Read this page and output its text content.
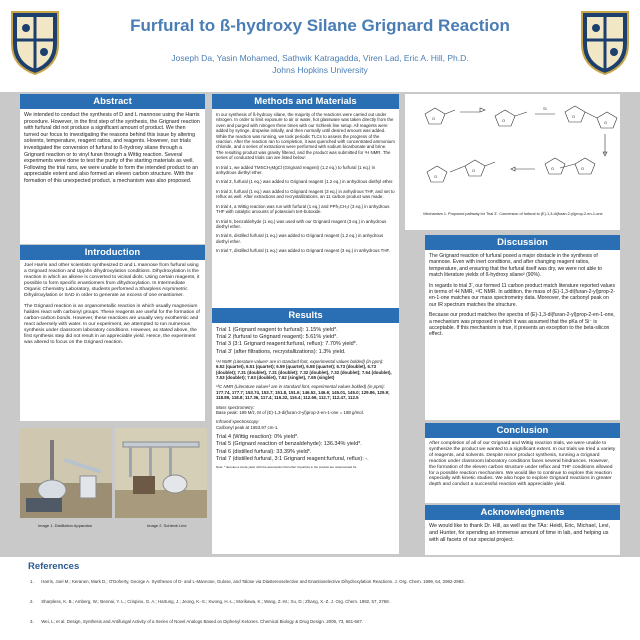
Furfural to ß-hydroxy Silane Grignard Reaction
Joseph Da, Yasin Mohamed, Sathwik Katragadda, Viren Lad, Eric A. Hill, Ph.D.
Johns Hopkins University
Abstract
We intended to conduct the synthesis of D and L mannose using the Harris procedure. However, in the first step of the synthesis, the Grignard reaction with furfural did not produce a significant amount of product. We then turned our focus to investigating the reasons behind this issue by altering solvents, temperature, reagent ratios, and reagents. However, our trials investigated the conversion of furfural to ß-hydroxy silane through a Grignard reaction or to vinyl furan through a Wittig reaction. Several experiments were done to test the purity of the starting materials as well. Following the trial runs, we were unable to form the intended product to an appreciable extent and also formed an eleven carbon structure. With the formation of this unexpected product, a mechanism was also proposed.
Introduction

Joel Harris and other scientists synthesized D and L mannose from furfural using a Grignard reaction and Upjohn dihydroxylation conditions. Dihydroxylation is the reaction in which an alkene is converted to vicinal diols. Using certain reagents, it possible to form specific enantiomers from dihydroxylation. In Intermediate Organic Chemistry Laboratory, students performed a Sharpless Asymmetric Dihydroxylation or SAD in order to generate an excess of one enantiomer.

The Grignard reaction is an organometallic reaction in which usually magnesium halides react with carbonyl groups. These reagents are useful for the formation of carbon-carbon bonds. However, these reactions are usually very exothermic and react adversely with water. In our experiment, we attempted to run numerous synthesis under classroom laboratory conditions. However, as stated above, the first synthesis step did not result in an appreciable yield. Hence, the experiment was altered to focus on the Grignard reaction.

Image 1. Distillation Apparatus	Image 2. Schlenk Line
Methods and Materials

In our synthesis of ß-hydroxy silane, the majority of the reactions were carried out under nitrogen. In order to limit exposure to air or water, hot glassware was taken directly from the oven and purged with nitrogen three times with our Schlenk line setup. All reagents were added by syringe, dropwise initially, and then normally until desired amount was added. While the reaction was running, we took periodic TLCs to assess the progress of the reaction. After the reaction ran to completion, it was quenched with concentrated ammonium chloride, and a series of extractions were performed with sodium bicarbonate and brine. The resulting product was gravity filtered, and the product was submitted for ¹H NMR. The series of conducted trials can are listed below:

In trial 1, we added TMSCH₂MgCl (Grignard reagent) (1.2 eq.) to furfural (1 eq.) in anhydrous diethyl ether.

In trial 2, furfural (1 eq.) was added to Grignard reagent (1.2 eq.) in anhydrous diethyl ether.

In trial 3, furfural (1 eq.) was added to Grignard reagent (3 eq.) in anhydrous THF, and set to reflux as well. After extractions and recrystallizations, an 11 carbon product was made.

In trial 4, a Wittig reaction was run with furfural (1 eq.) and PPh₃CH₃I (3 eq.) in anhydrous THF with catalytic amounts of potassium tert-butoxide.

In trial 5, benzaldehyde (1 eq.) was used with our Grignard reagent (3 eq.) in anhydrous diethyl ether.

In trial 6, distilled furfural (1 eq.) was added to Grignard reagent (1.2 eq.) in anhydrous diethyl ether.

In trial 7, distilled furfural (1 eq.) was added to Grignard reagent (3 eq.) in anhydrous THF.

Results
Trial 1 (Grignard reagent to furfural): 1.15% yield*.
Trial 2 (furfural to Grignard reagent): 5.61% yield*.
Trial 3 (3:1 Grignard reagent:furfural, reflux): 7.70% yield*.
Trial 3' (after filtrations, recrystallizations): 1.3% yield.

¹H NMR (Literature values¹ are in standard font, experimental values bolded) (in ppm):
6.52 (quartet), 6.51 (quartet); 6.59 (quartet), 6.58 (quartet); 6.73 (doublet), 6.73 (doublet); 7.31 (doublet), 7.31 (doublet); 7.32 (doublet), 7.32 (doublet); 7.54 (doublet), 7.53 (doublet); 7.63 (doublet), 7.62 (singlet), 7.65 (singlet)

¹³C NMR (Literature values³ are in standard font, experimental values bolded) (in ppm):
177.74, 177.7; 153.74, 153.7; 151.8, 151.6; 146.52, 146.6; 145.01, 145.0; 129.86, 129.9; 118.89, 118.8; 117.36, 117.4; 116.32, 116.4; 112.69, 112.7; 112.47, 112.5

Mass spectrometry:
Base peak: 189 M/z, M of (E)-1,3-di(furan-2-yl)prop-2-en-1-one = 188 g/mol.

Infrared spectroscopy:
Carbonyl peak at 1653.97 cm-1.

Trial 4 (Wittig reaction): 0% yield*.
Trial 5 (Grignard reaction of benzaldehyde): 136.34% yield*.
Trial 6 (distilled furfural): 33.39% yield*.
Trial 7 (distilled furfural, 3:1 Grignard reagent:furfural, reflux): -.
Note: * denotes a crude yield, with the assumption that other impurities in the product are unaccounted for.
O	O
O
O
Si
O
O
O
O
Mechanism 1. Proposed pathway for Trial 3'. Conversion of furfural to (E)-1,3-di(furan-2-yl)prop-2-en-1-one
Discussion

The Grignard reaction of furfural posed a major obstacle in the synthesis of mannose. Even with inert conditions, and after changing reagent ratios, temperature, and ensuring that the furfural itself was dry, we were not able to match literature yields of ß-hydroxy silane² (90%).

In regards to trial 3', our formed 11 carbon product match literature reported values in terms of ¹H NMR, ¹³C NMR. In addition, the mass of (E)-1,3-di(furan-2-yl)prop-2-en-1-one matches our mass spectrometry data. Moreover, the carbonyl peak on our IR spectrum matches the structure.

Because our product matches the spectra of (E)-1,3-di(furan-2-yl)prop-2-en-1-one, a mechanism was proposed in which it was assumed that the pKa of Si⁻ is acceptable. If this mechanism is true, it presents an exception to the beta-silicon effect.

Conclusion
After completion of all of our Grignard and Wittig reaction trials, we were unable to synthesize the product we wanted to a significant extent. In our trials we tried a variety of reagents, and solvents. Despite minor product synthesis, running a Grignard reaction under classroom laboratory conditions faces several hindrances. However, the formation of the eleven carbon structure under reflux and THF conditions allowed for a possible reaction mechanism. We would like to continue to explore this reaction especially with kinetic studies. We also hope to explore Grignard reactions in greater depth and conduct a successful reaction with appreciable yield.
Acknowledgments
We would like to thank Dr. Hill, as well as the TAs: Heidi, Eric, Michael, Levi, and Hunter, for spending an immense amount of time in lab, and helping us with all facets of our special project.
References
1. Harris, Joel M.; Keranen, Mark D.; O'Doherty, George A. Syntheses of D- and L-Mannose, Gulose, and Talose via Diastereoselective and Enantioselective Dihydroxylation Reactions. J. Org. Chem. 1999, 64, 2982-2983.
2. Sharpless, K. B.; Amberg, W.; Bennai, Y. L.; Crispino, G. A.; Hartung, J.; Jeong, K.-S.; Kwong, H.-L.; Morikawa, K.; Wang, Z.-M.; Xu, D.; Zhang, X.-Z. J. Org. Chem. 1992, 57, 2768.
3. Wei, L; et al. Design, Synthesis and Antifungal Activity of a Series of Novel Analogs Based on Diphenyl Ketones. Chemical Biology & Drug Design. 2009, 73, 661-667.
